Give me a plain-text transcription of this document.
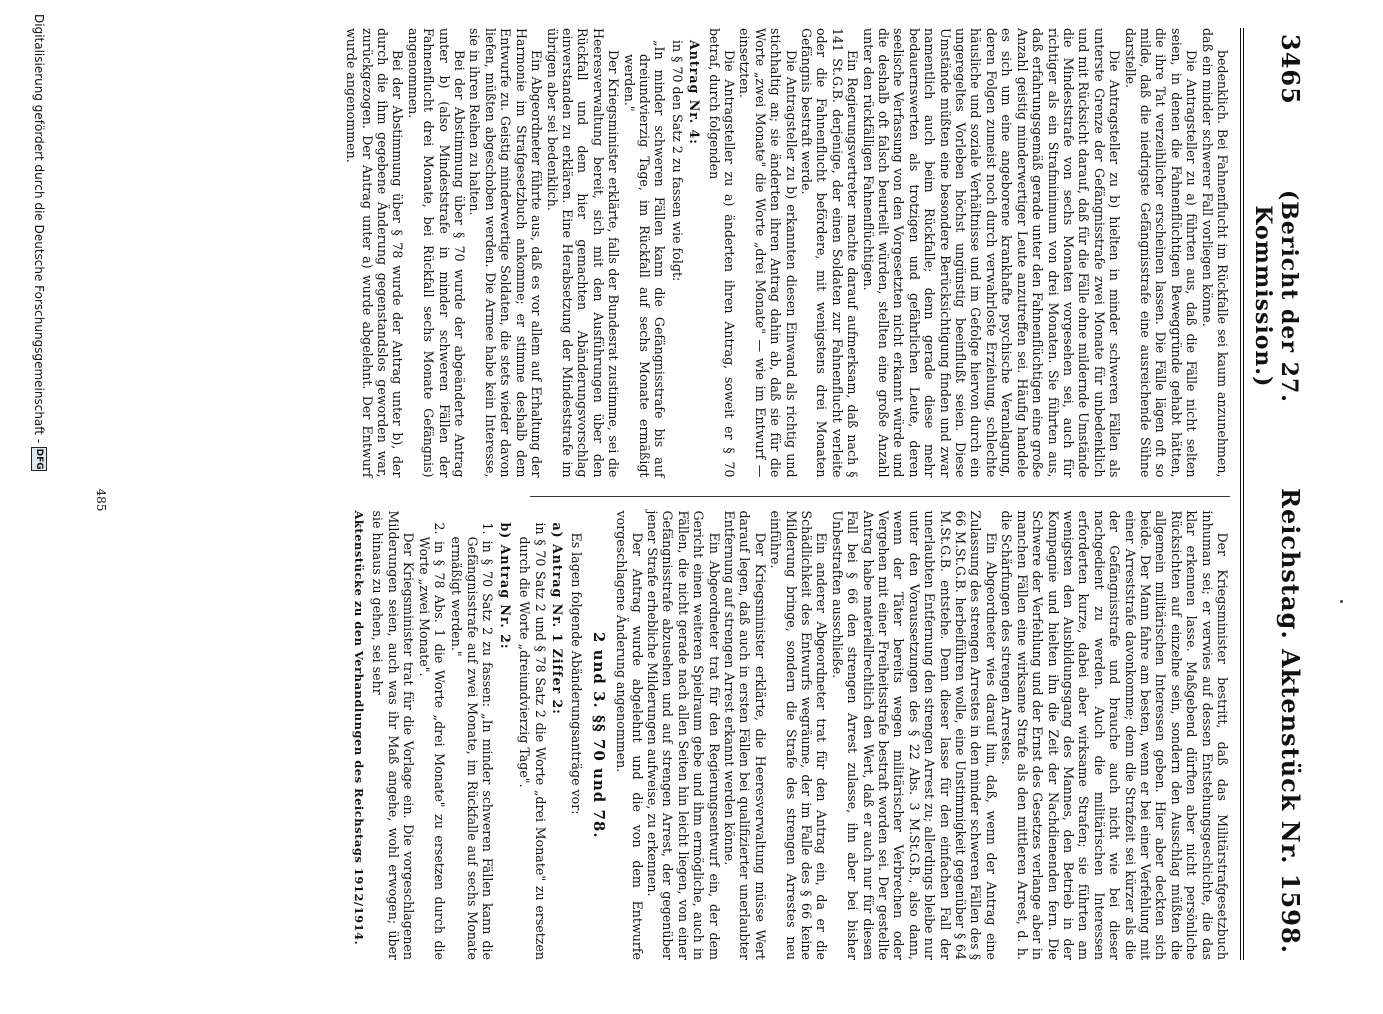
3465
(Bericht der 27. Kommission.)
Reichstag. Aktenstück Nr. 1598.

bedenklich. Bei Fahnenflucht im Rückfalle sei kaum anzunehmen, daß ein minder schwerer Fall vorliegen könne.

Die Antragsteller zu a) führten aus, daß die Fälle nicht selten seien, in denen die Fahnenflüchtigen Beweggründe gehabt hätten, die ihre Tat verzeihlicher erscheinen lassen. Die Fälle lägen oft so milde, daß die niedrigste Gefängnisstrafe eine ausreichende Sühne darstelle.

Die Antragsteller zu b) hielten in minder schweren Fällen als unterste Grenze der Gefängnisstrafe zwei Monate für unbedenklich und mit Rücksicht darauf, daß für die Fälle ohne mildernde Umstände die Mindeststrafe von sechs Monaten vorgesehen sei, auch für richtiger als ein Strafminimum von drei Monaten. Sie führten aus, daß erfahrungsgemäß gerade unter den Fahnenflüchtigen eine große Anzahl geistig minderwertiger Leute anzutreffen sei. Häufig handele es sich um eine angeborene krankhafte psychische Veranlagung, deren Folgen zumeist noch durch verwahrloste Erziehung, schlechte häusliche und soziale Verhältnisse und im Gefolge hiervon durch ein ungeregeltes Vorleben höchst ungünstig beeinflußt seien. Diese Umstände müßten eine besondere Berücksichtigung finden und zwar namentlich auch beim Rückfalle; denn gerade diese mehr bedauernswerten als trotzigen und gefährlichen Leute, deren seelische Verfassung von den Vorgesetzten nicht erkannt würde und die deshalb oft falsch beurteilt würden, stellten eine große Anzahl unter den rückfälligen Fahnenflüchtigen.

Ein Regierungsvertreter machte darauf aufmerksam, daß nach § 141 St.G.B. derjenige, der einen Soldaten zur Fahnenflucht verleite oder die Fahnenflucht befördere, mit wenigstens drei Monaten Gefängnis bestraft werde.

Die Antragsteller zu b) erkannten diesen Einwand als richtig und stichhaltig an; sie änderten ihren Antrag dahin ab, daß sie für die Worte „zwei Monate" die Worte „drei Monate" — wie im Entwurf — einsetzten.

Die Antragsteller zu a) änderten ihren Antrag, soweit er § 70 betraf, durch folgenden

Antrag Nr. 4:

in § 70 den Satz 2 zu fassen wie folgt:

„In minder schweren Fällen kann die Gefängnisstrafe bis auf dreiundvierzig Tage, im Rückfall auf sechs Monate ermäßigt werden."

Der Kriegsminister erklärte, falls der Bundesrat zustimme, sei die Heeresverwaltung bereit, sich mit den Ausführungen über den Rückfall und dem hier gemachten Abänderungsvorschlag einverstanden zu erklären. Eine Herabsetzung der Mindeststrafe im übrigen aber sei bedenklich.

Ein Abgeordneter führte aus, daß es vor allem auf Erhaltung der Harmonie im Strafgesetzbuch ankomme; er stimme deshalb dem Entwurfe zu. Geistig minderwertige Soldaten, die stets wieder davon liefen, müßten abgeschoben werden. Die Armee habe kein Interesse, sie in ihren Reihen zu halten.

Bei der Abstimmung über § 70 wurde der abgeänderte Antrag unter b) (also Mindeststrafe in minder schweren Fällen der Fahnenflucht drei Monate, bei Rückfall sechs Monate Gefängnis) angenommen.

Bei der Abstimmung über § 78 wurde der Antrag unter b), der durch die ihm gegebene Änderung gegenstandslos geworden war, zurückgezogen. Der Antrag unter a) wurde abgelehnt. Der Entwurf wurde angenommen.

Der Kriegsminister bestritt, daß das Militärstrafgesetzbuch inhuman sei; er verwies auf dessen Entstehungsgeschichte, die das klar erkennen lasse. Maßgebend dürften aber nicht persönliche Rücksichten auf einzelne sein, sondern den Ausschlag müßten die allgemein militärischen Interessen geben. Hier aber deckten sich beide. Der Mann fahre am besten, wenn er bei einer Verfehlung mit einer Arreststrafe davonkomme; denn die Strafzeit sei kürzer als die der Gefängnisstrafe und brauche auch nicht wie bei dieser nachgedient zu werden. Auch die militärischen Interessen erforderten kurze, dabei aber wirksame Strafen; sie führten am wenigsten den Ausbildungsgang des Mannes, den Betrieb in der Kompagnie und hielten ihn die Zeit der Nachdienenden fern. Die Schwere der Verfehlung und der Ernst des Gesetzes verlange aber in manchen Fällen eine wirksame Strafe als den mittleren Arrest, d. h. die Schärfungen des strengen Arrestes.

Ein Abgeordneter wies darauf hin, daß, wenn der Antrag eine Zulassung des strengen Arrestes in den minder schweren Fällen des § 66 M.St.G.B. herbeiführen wolle, eine Unstimmigkeit gegenüber § 64 M.St.G.B. entstehe. Denn dieser lasse für den einfachen Fall der unerlaubten Entfernung den strengen Arrest zu; allerdings bleibe nur unter den Voraussetzungen des § 22 Abs. 3 M.St.G.B., also dann, wenn der Täter bereits wegen militärischer Verbrechen oder Vergehen mit einer Freiheitsstrafe bestraft worden sei. Der gestellte Antrag habe materiellrechtlich den Wert, daß er auch nur für diesen Fall bei § 66 den strengen Arrest zulasse, ihn aber bei bisher Unbestraften ausschließe.

Ein anderer Abgeordneter trat für den Antrag ein, da er die Schädlichkeit des Entwurfs wegräume, der im Falle des § 66 keine Milderung bringe, sondern die Strafe des strengen Arrestes neu einführe.

Der Kriegsminister erklärte, die Heeresverwaltung müsse Wert darauf legen, daß auch in ersten Fällen bei qualifizierter unerlaubter Entfernung auf strengen Arrest erkannt werden könne.

Ein Abgeordneter trat für den Regierungsentwurf ein, der dem Gericht einen weiteren Spielraum gebe und ihm ermögliche, auch in Fällen, die nicht gerade nach allen Seiten hin leicht liegen, von einer Gefängnisstrafe abzusehen und auf strengen Arrest, der gegenüber jener Strafe erhebliche Milderungen aufweise, zu erkennen.

Der Antrag wurde abgelehnt und die von dem Entwurfe vorgeschlagene Änderung angenommen.

2 und 3. §§ 70 und 78.

Es lagen folgende Abänderungsanträge vor:

a) Antrag Nr. 1 Ziffer 2:

in § 70 Satz 2 und § 78 Satz 2 die Worte „drei Monate" zu ersetzen durch die Worte „dreiundvierzig Tage".

b) Antrag Nr. 2:

1. in § 70 Satz 2 zu fassen: „In minder schweren Fällen kann die Gefängnisstrafe auf zwei Monate, im Rückfalle auf sechs Monate ermäßigt werden."

2. in § 78 Abs. 1 die Worte „drei Monate" zu ersetzen durch die Worte „zwei Monate".

Der Kriegsminister trat für die Vorlage ein. Die vorgeschlagenen Milderungen seien, auch was ihr Maß angehe, wohl erwogen; über sie hinaus zu gehen, sei sehr

Aktenstücke zu den Verhandlungen des Reichstags 1912/1914.

485
Digitalisierung gefördert durch die Deutsche Forschungsgemeinschaft -
DFG
